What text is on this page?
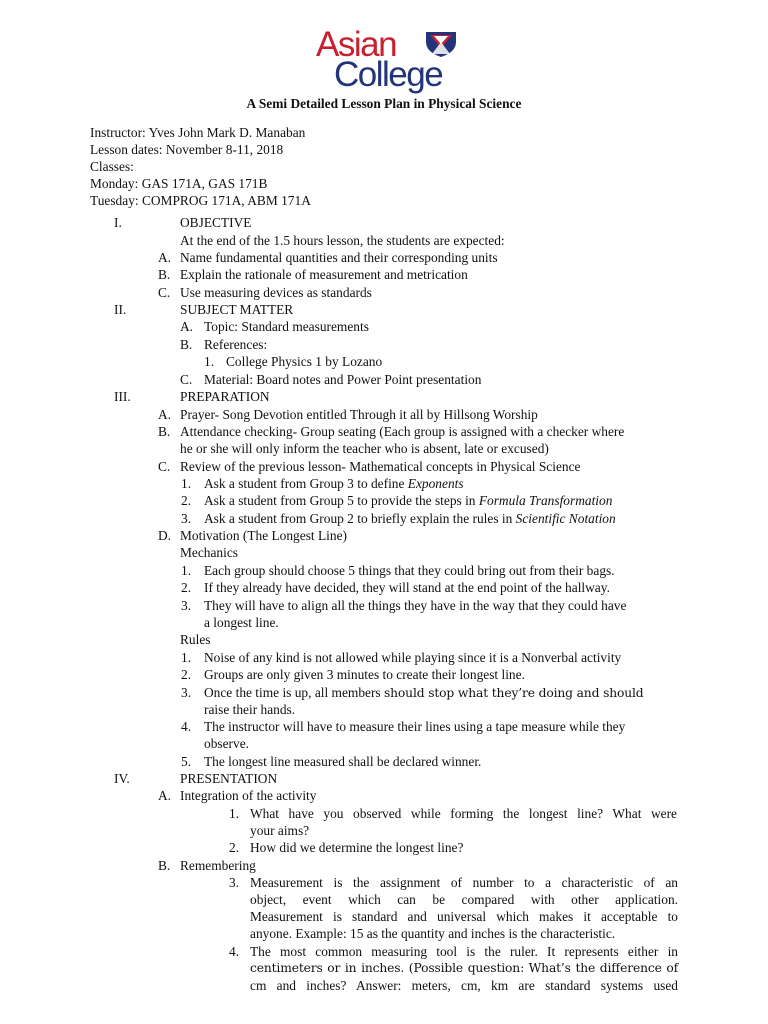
Asian
College
A Semi Detailed Lesson Plan in Physical Science
Instructor: Yves John Mark D. Manaban
Lesson dates: November 8-11, 2018
Classes:
Monday: GAS 171A, GAS 171B
Tuesday: COMPROG 171A, ABM 171A
I.	OBJECTIVE
At the end of the 1.5 hours lesson, the students are expected:
A. Name fundamental quantities and their corresponding units
B. Explain the rationale of measurement and metrication
C. Use measuring devices as standards
II.	SUBJECT MATTER
A. Topic: Standard measurements
B. References:
1. College Physics 1 by Lozano
C. Material: Board notes and Power Point presentation
III.	PREPARATION
A. Prayer- Song Devotion entitled Through it all by Hillsong Worship
B. Attendance checking- Group seating (Each group is assigned with a checker where
he or she will only inform the teacher who is absent, late or excused)
C. Review of the previous lesson- Mathematical concepts in Physical Science
1. Ask a student from Group 3 to define Exponents
2. Ask a student from Group 5 to provide the steps in Formula Transformation
3. Ask a student from Group 2 to briefly explain the rules in Scientific Notation
D. Motivation (The Longest Line)
Mechanics
1. Each group should choose 5 things that they could bring out from their bags.
2. If they already have decided, they will stand at the end point of the hallway.
3. They will have to align all the things they have in the way that they could have
a longest line.
Rules
1. Noise of any kind is not allowed while playing since it is a Nonverbal activity
2. Groups are only given 3 minutes to create their longest line.
3. Once the time is up, all members should stop what they’re doing and should
raise their hands.
4. The instructor will have to measure their lines using a tape measure while they
observe.
5. The longest line measured shall be declared winner.
IV.	PRESENTATION
A. Integration of the activity
1. What have you observed while forming the longest line? What were
your aims?
2. How did we determine the longest line?
B. Remembering
3. Measurement is the assignment of number to a characteristic of an
object, event which can be compared with other application.
Measurement is standard and universal which makes it acceptable to
anyone. Example: 15 as the quantity and inches is the characteristic.
4. The most common measuring tool is the ruler. It represents either in
centimeters or in inches. (Possible question: What’s the difference of
cm and inches? Answer: meters, cm, km are standard systems used
